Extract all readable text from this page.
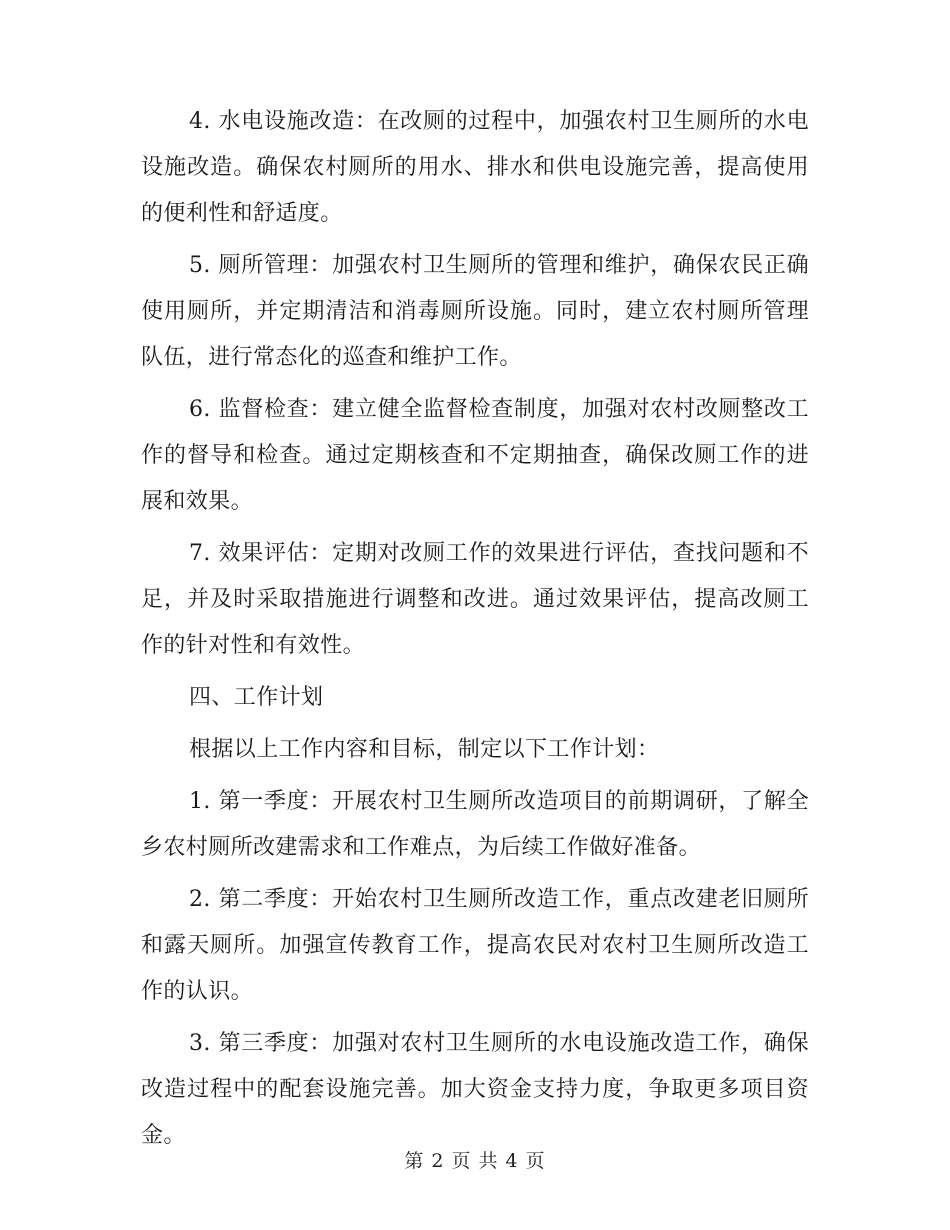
4. 水电设施改造：在改厕的过程中，加强农村卫生厕所的水电设施改造。确保农村厕所的用水、排水和供电设施完善，提高使用的便利性和舒适度。

5. 厕所管理：加强农村卫生厕所的管理和维护，确保农民正确使用厕所，并定期清洁和消毒厕所设施。同时，建立农村厕所管理队伍，进行常态化的巡查和维护工作。

6. 监督检查：建立健全监督检查制度，加强对农村改厕整改工作的督导和检查。通过定期核查和不定期抽查，确保改厕工作的进展和效果。

7. 效果评估：定期对改厕工作的效果进行评估，查找问题和不足，并及时采取措施进行调整和改进。通过效果评估，提高改厕工作的针对性和有效性。

四、工作计划

根据以上工作内容和目标，制定以下工作计划：

1. 第一季度：开展农村卫生厕所改造项目的前期调研，了解全乡农村厕所改建需求和工作难点，为后续工作做好准备。

2. 第二季度：开始农村卫生厕所改造工作，重点改建老旧厕所和露天厕所。加强宣传教育工作，提高农民对农村卫生厕所改造工作的认识。

3. 第三季度：加强对农村卫生厕所的水电设施改造工作，确保改造过程中的配套设施完善。加大资金支持力度，争取更多项目资金。

第 2 页 共 4 页
